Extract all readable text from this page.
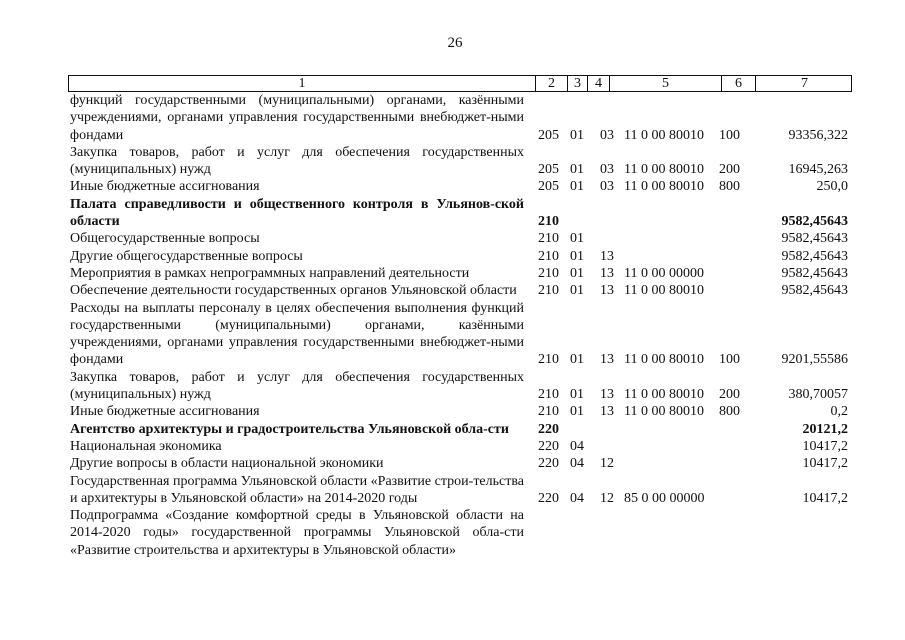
26
1	2	3	4	5	6	7
функций государственными (муниципальными) органами, казёнными учреждениями, органами управления государственными внебюджет-ными фондами	205	01	03	11 0 00 80010	100	93356,322
Закупка товаров, работ и услуг для обеспечения государственных (муниципальных) нужд	205	01	03	11 0 00 80010	200	16945,263
Иные бюджетные ассигнования	205	01	03	11 0 00 80010	800	250,0
Палата справедливости и общественного контроля в Ульянов-ской области	210					9582,45643
Общегосударственные вопросы	210	01				9582,45643
Другие общегосударственные вопросы	210	01	13			9582,45643
Мероприятия в рамках непрограммных направлений деятельности	210	01	13	11 0 00 00000		9582,45643
Обеспечение деятельности государственных органов Ульяновской области	210	01	13	11 0 00 80010		9582,45643
Расходы на выплаты персоналу в целях обеспечения выполнения функций государственными (муниципальными) органами, казёнными учреждениями, органами управления государственными внебюджет-ными фондами	210	01	13	11 0 00 80010	100	9201,55586
Закупка товаров, работ и услуг для обеспечения государственных (муниципальных) нужд	210	01	13	11 0 00 80010	200	380,70057
Иные бюджетные ассигнования	210	01	13	11 0 00 80010	800	0,2
Агентство архитектуры и градостроительства Ульяновской обла-сти	220					20121,2
Национальная экономика	220	04				10417,2
Другие вопросы в области национальной экономики	220	04	12			10417,2
Государственная программа Ульяновской области «Развитие строи-тельства и архитектуры в Ульяновской области» на 2014-2020 годы	220	04	12	85 0 00 00000		10417,2
Подпрограмма «Создание комфортной среды в Ульяновской области на 2014-2020 годы» государственной программы Ульяновской обла-сти «Развитие строительства и архитектуры в Ульяновской области»						
